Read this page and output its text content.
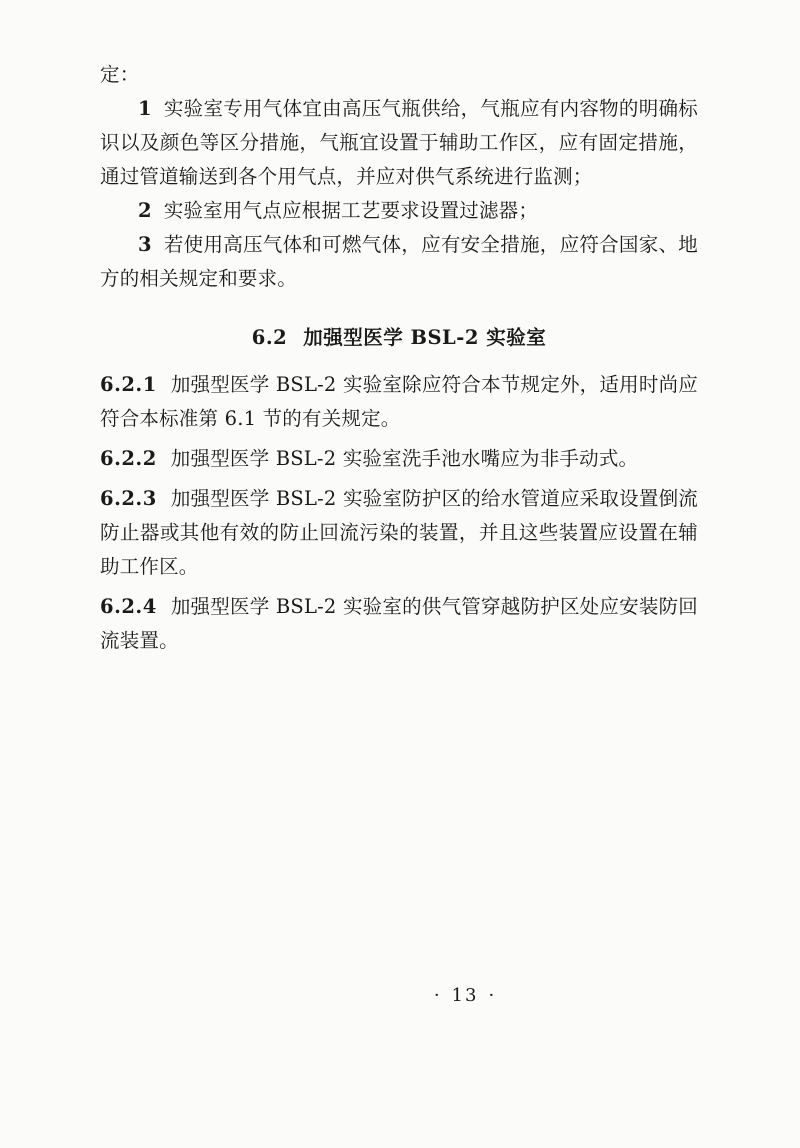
定：

1 实验室专用气体宜由高压气瓶供给，气瓶应有内容物的明确标识以及颜色等区分措施，气瓶宜设置于辅助工作区，应有固定措施，通过管道输送到各个用气点，并应对供气系统进行监测；

2 实验室用气点应根据工艺要求设置过滤器；

3 若使用高压气体和可燃气体，应有安全措施，应符合国家、地方的相关规定和要求。

6.2 加强型医学 BSL-2 实验室

6.2.1 加强型医学 BSL-2 实验室除应符合本节规定外，适用时尚应符合本标准第 6.1 节的有关规定。

6.2.2 加强型医学 BSL-2 实验室洗手池水嘴应为非手动式。

6.2.3 加强型医学 BSL-2 实验室防护区的给水管道应采取设置倒流防止器或其他有效的防止回流污染的装置，并且这些装置应设置在辅助工作区。

6.2.4 加强型医学 BSL-2 实验室的供气管穿越防护区处应安装防回流装置。

· 13 ·
